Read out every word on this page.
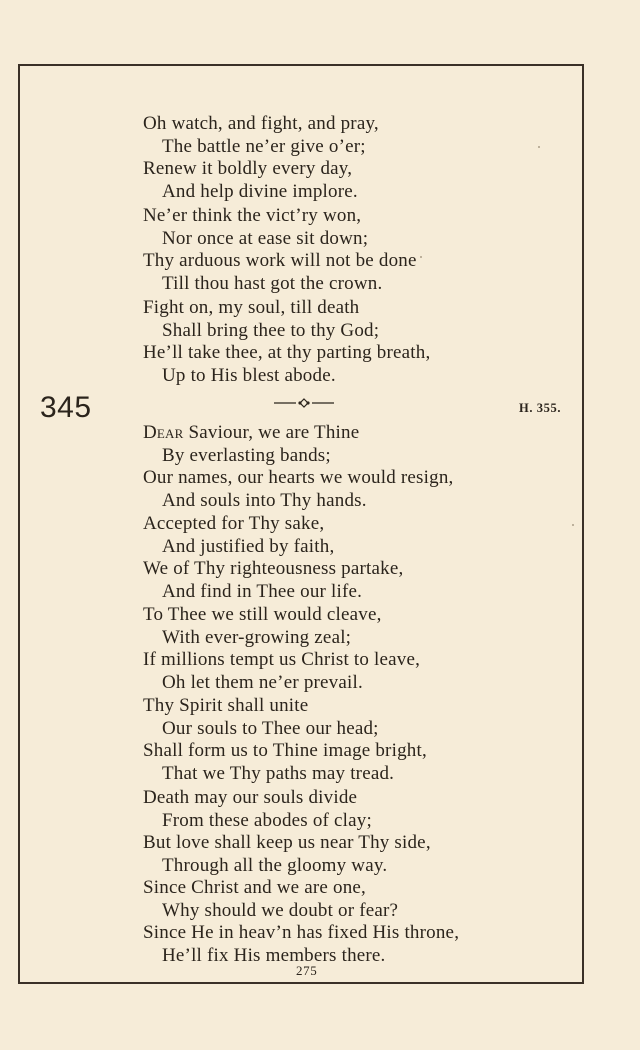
Oh watch, and fight, and pray,
The battle ne’er give o’er;
Renew it boldly every day,
And help divine implore.
Ne’er think the vict’ry won,
Nor once at ease sit down;
Thy arduous work will not be done
Till thou hast got the crown.
Fight on, my soul, till death
Shall bring thee to thy God;
He’ll take thee, at thy parting breath,
Up to His blest abode.
345	H. 355.
Dear Saviour, we are Thine
By everlasting bands;
Our names, our hearts we would resign,
And souls into Thy hands.
Accepted for Thy sake,
And justified by faith,
We of Thy righteousness partake,
And find in Thee our life.
To Thee we still would cleave,
With ever-growing zeal;
If millions tempt us Christ to leave,
Oh let them ne’er prevail.
Thy Spirit shall unite
Our souls to Thee our head;
Shall form us to Thine image bright,
That we Thy paths may tread.
Death may our souls divide
From these abodes of clay;
But love shall keep us near Thy side,
Through all the gloomy way.
Since Christ and we are one,
Why should we doubt or fear?
Since He in heav’n has fixed His throne,
He’ll fix His members there.
275
